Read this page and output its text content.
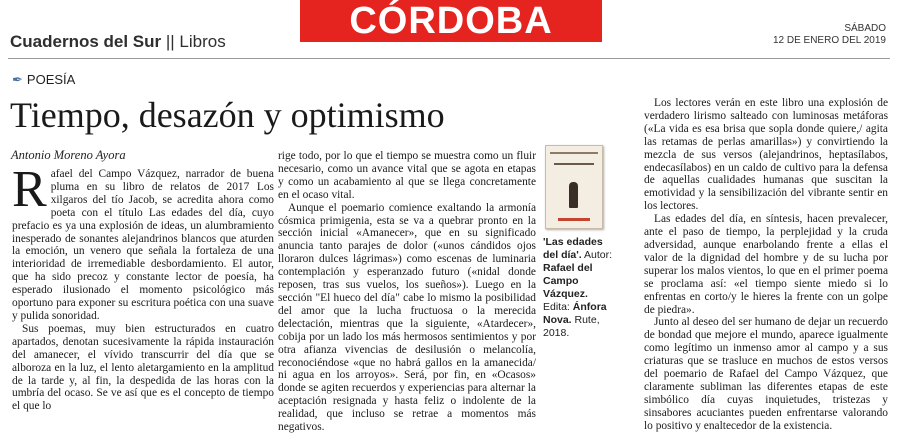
Cuadernos del Sur || Libros	CÓRDOBA	SÁBADO
12 DE ENERO DEL 2019
✒ POESÍA
Tiempo, desazón y optimismo
Antonio Moreno Ayora

Rafael del Campo Vázquez, narrador de buena pluma en su libro de relatos de 2017 Los xilgaros del tío Jacob, se acredita ahora como poeta con el título Las edades del día, cuyo prefacio es ya una explosión de ideas, un alumbramiento inesperado de sonantes alejandrinos blancos que aturden la emoción, un venero que señala la fortaleza de una interioridad de irremediable desbordamiento. El autor, que ha sido precoz y constante lector de poesía, ha esperado ilusionado el momento psicológico más oportuno para exponer su escritura poética con una suave y pulida sonoridad.

Sus poemas, muy bien estructurados en cuatro apartados, denotan sucesivamente la rápida instauración del amanecer, el vívido transcurrir del día que se alboroza en la luz, el lento aletargamiento en la amplitud de la tarde y, al fin, la despedida de las horas con la umbría del ocaso. Se ve así que es el concepto de tiempo el que lo

rige todo, por lo que el tiempo se muestra como un fluir necesario, como un avance vital que se agota en etapas y como un acabamiento al que se llega concretamente en el ocaso vital.

Aunque el poemario comience exaltando la armonía cósmica primigenia, esta se va a quebrar pronto en la sección inicial «Amanecer», que en su significado anuncia tanto parajes de dolor («unos cándidos ojos lloraron dulces lágrimas») como escenas de luminaria contemplación y esperanzado futuro («nidal donde reposen, tras sus vuelos, los sueños»). Luego en la sección "El hueco del día" cabe lo mismo la posibilidad del amor que la lucha fructuosa o la merecida delectación, mientras que la siguiente, «Atardecer», cobija por un lado los más hermosos sentimientos y por otra afianza vivencias de desilusión o melancolía, reconociéndose «que no habrá gallos en la amanecida/ ni agua en los arroyos». Será, por fin, en «Ocasos» donde se agiten recuerdos y experiencias para alternar la aceptación resignada y hasta feliz o indolente de la realidad, que incluso se retrae a momentos más negativos.

'Las edades del día'. Autor: Rafael del Campo Vázquez. Edita: Ánfora Nova. Rute, 2018.

Los lectores verán en este libro una explosión de verdadero lirismo salteado con luminosas metáforas («La vida es esa brisa que sopla donde quiere,/ agita las retamas de perlas amarillas») y convirtiendo la mezcla de sus versos (alejandrinos, heptasílabos, endecasílabos) en un caldo de cultivo para la defensa de aquellas cualidades humanas que suscitan la emotividad y la sensibilización del vibrante sentir en los lectores.

Las edades del día, en síntesis, hacen prevalecer, ante el paso de tiempo, la perplejidad y la cruda adversidad, aunque enarbolando frente a ellas el valor de la dignidad del hombre y de su lucha por superar los malos vientos, lo que en el primer poema se proclama así: «el tiempo siente miedo si lo enfrentas en corto/y le hieres la frente con un golpe de piedra».

Junto al deseo del ser humano de dejar un recuerdo de bondad que mejore el mundo, aparece igualmente como legítimo un inmenso amor al campo y a sus criaturas que se trasluce en muchos de estos versos del poemario de Rafael del Campo Vázquez, que claramente subliman las diferentes etapas de este simbólico día cuyas inquietudes, tristezas y sinsabores acuciantes pueden enfrentarse valorando lo positivo y enaltecedor de la existencia.
